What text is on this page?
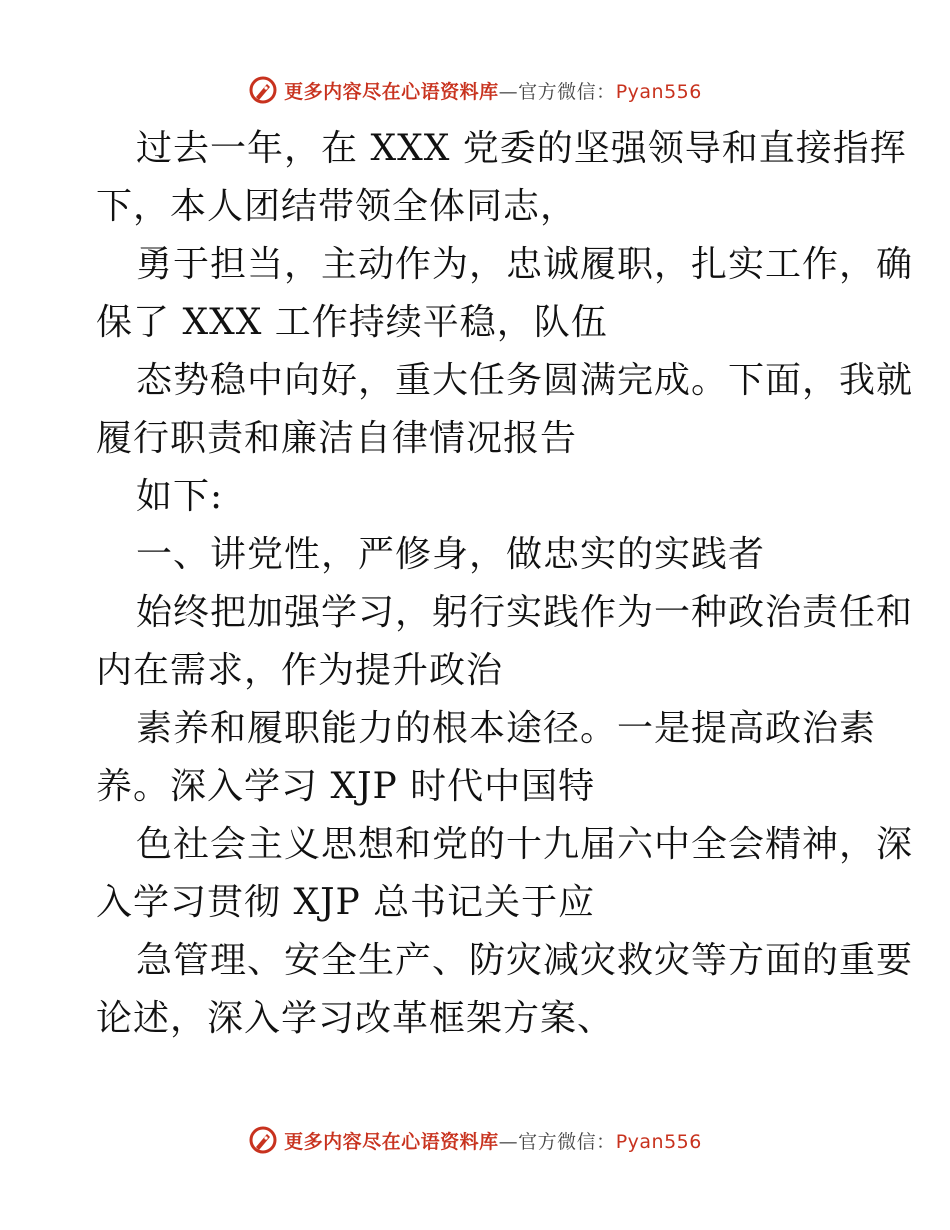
更多内容尽在心语资料库—官方微信：Pyan556
过去一年，在 XXX 党委的坚强领导和直接指挥
下，本人团结带领全体同志，
勇于担当，主动作为，忠诚履职，扎实工作，确
保了 XXX 工作持续平稳，队伍
态势稳中向好，重大任务圆满完成。下面，我就
履行职责和廉洁自律情况报告
如下:
一、讲党性，严修身，做忠实的实践者
始终把加强学习，躬行实践作为一种政治责任和
内在需求，作为提升政治
素养和履职能力的根本途径。一是提高政治素
养。深入学习 XJP 时代中国特
色社会主义思想和党的十九届六中全会精神，深
入学习贯彻 XJP 总书记关于应
急管理、安全生产、防灾减灾救灾等方面的重要
论述，深入学习改革框架方案、
更多内容尽在心语资料库—官方微信：Pyan556
